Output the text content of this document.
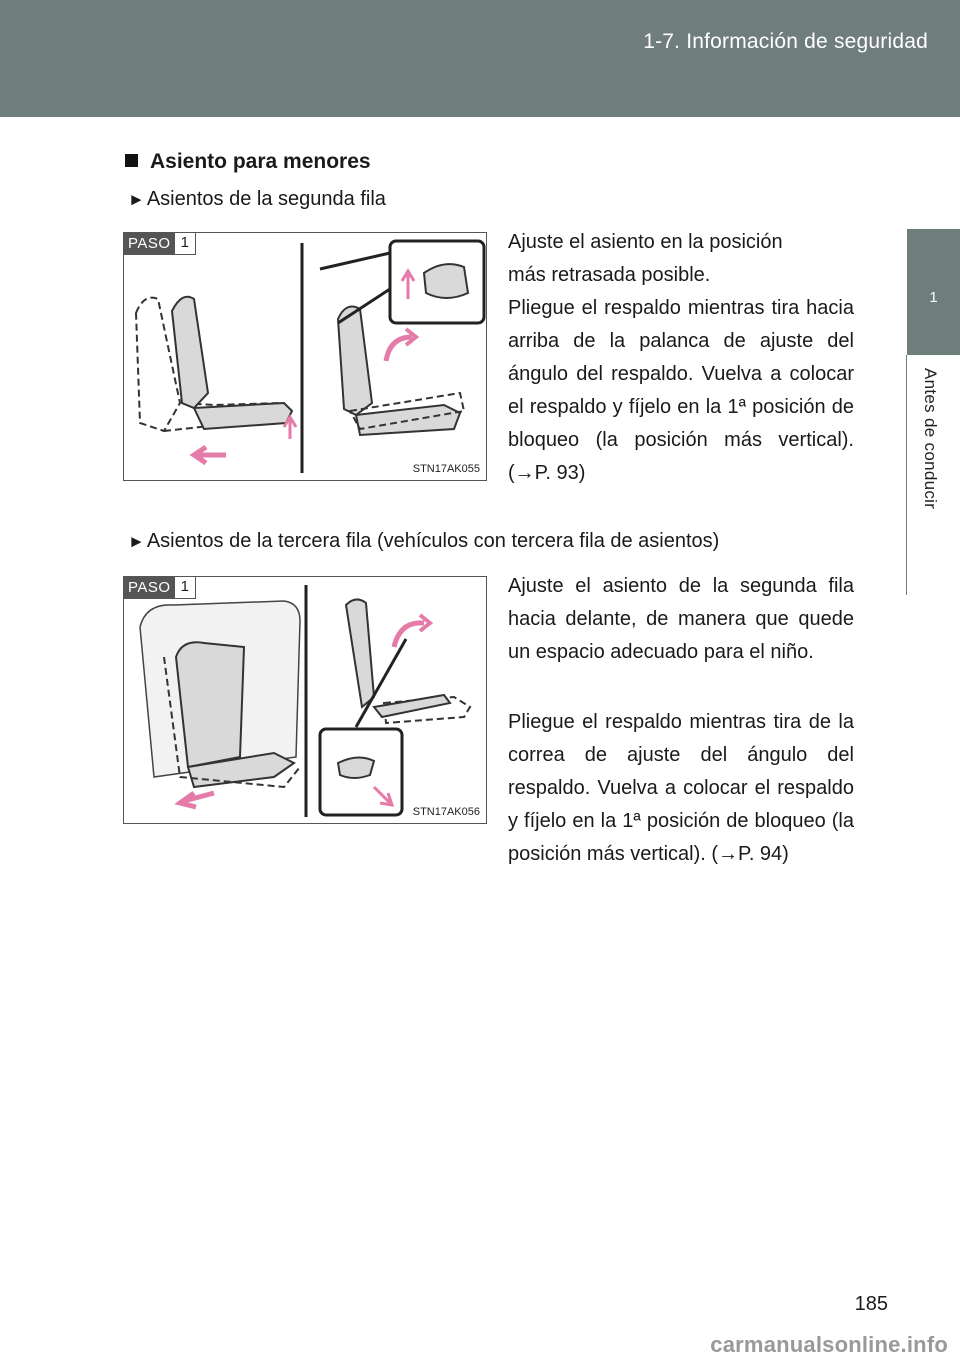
1-7. Información de seguridad
1
Antes de conducir
Asiento para menores
► Asientos de la segunda fila
PASO 1
STN17AK055
Ajuste el asiento en la posición
más retrasada posible.
Pliegue el respaldo mientras tira hacia arriba de la palanca de ajuste del ángulo del respaldo. Vuelva a colocar el respaldo y fíjelo en la 1ª posición de bloqueo (la posición más vertical). (→P. 93)
► Asientos de la tercera fila (vehículos con tercera fila de asientos)
PASO 1
STN17AK056
Ajuste el asiento de la segunda fila hacia delante, de manera que quede un espacio adecuado para el niño.
Pliegue el respaldo mientras tira de la correa de ajuste del ángulo del respaldo. Vuelva a colocar el respaldo y fíjelo en la 1ª posición de bloqueo (la posición más vertical). (→P. 94)
185
carmanualsonline.info
